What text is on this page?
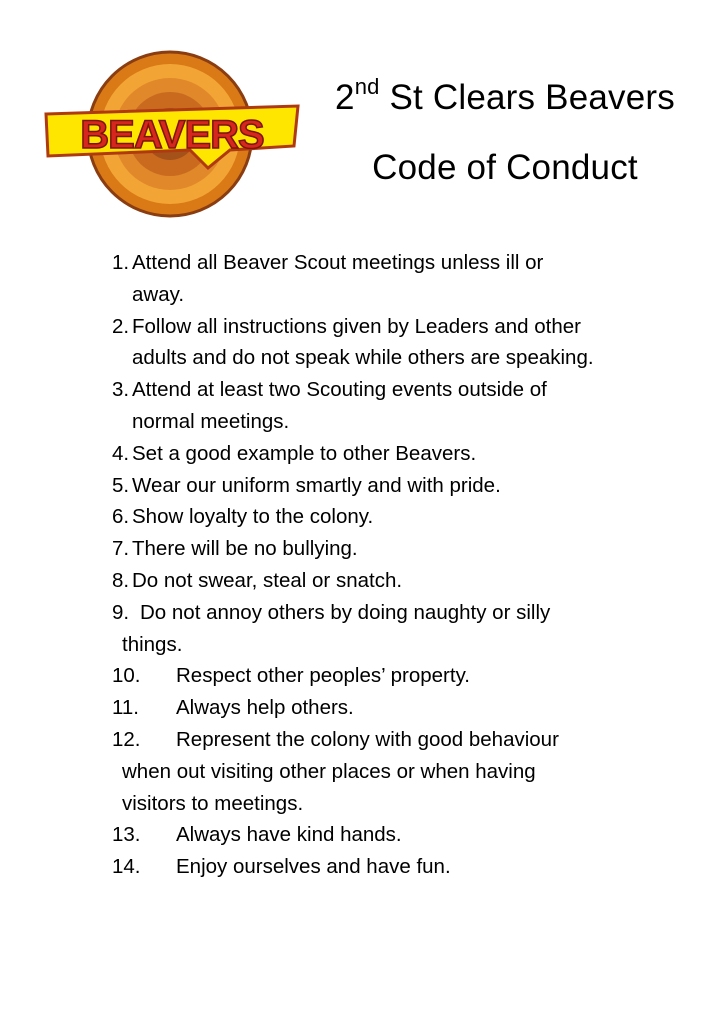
BEAVERS
2nd St Clears Beavers
Code of Conduct
1. Attend all Beaver Scout meetings unless ill or
away.
2. Follow all instructions given by Leaders and other
adults and do not speak while others are speaking.
3. Attend at least two Scouting events outside of
normal meetings.
4. Set a good example to other Beavers.
5. Wear our uniform smartly and with pride.
6. Show loyalty to the colony.
7. There will be no bullying.
8. Do not swear, steal or snatch.
9. Do not annoy others by doing naughty or silly
things.
10. Respect other peoples’ property.
11. Always help others.
12. Represent the colony with good behaviour
when out visiting other places or when having
visitors to meetings.
13. Always have kind hands.
14. Enjoy ourselves and have fun.
